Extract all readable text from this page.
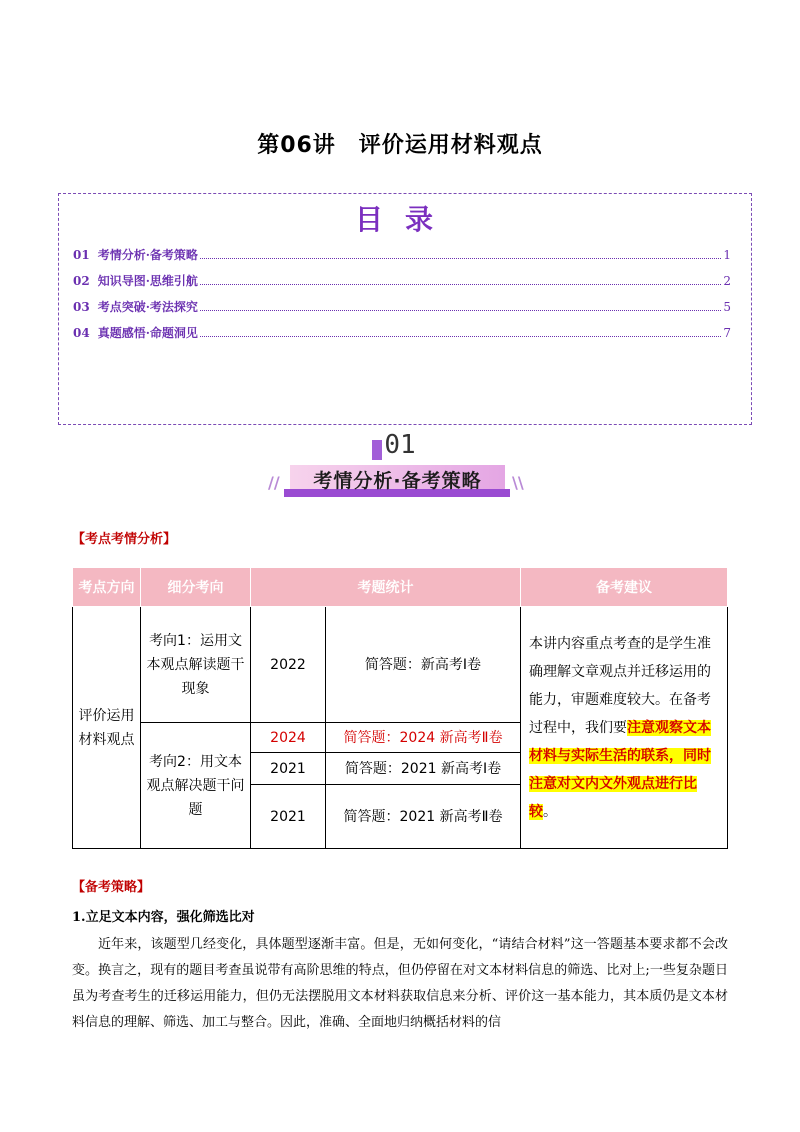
第06讲　评价运用材料观点
目录
01 考情分析·备考策略	1
02 知识导图·思维引航	2
03 考点突破·考法探究	5
04 真题感悟·命题洞见	7
01
//	考情分析·备考策略	\\
【考点考情分析】
考点方向	细分考向	考题统计		备考建议
评价运用材料观点	考向1：运用文本观点解读题干现象	2022	简答题：新高考Ⅰ卷	本讲内容重点考查的是学生准确理解文章观点并迁移运用的能力，审题难度较大。在备考过程中，我们要注意观察文本材料与实际生活的联系，同时注意对文内文外观点进行比较。
	考向2：用文本观点解决题干问题	2024	简答题：2024 新高考Ⅱ卷	
		2021	简答题：2021 新高考Ⅰ卷	
		2021	简答题：2021 新高考Ⅱ卷	
【备考策略】
1.立足文本内容，强化筛选比对
近年来，该题型几经变化，具体题型逐渐丰富。但是，无如何变化，“请结合材料”这一答题基本要求都不会改变。换言之，现有的题目考查虽说带有高阶思维的特点，但仍停留在对文本材料信息的筛选、比对上;一些复杂题日虽为考查考生的迁移运用能力，但仍无法摆脱用文本材料获取信息来分析、评价这一基本能力，其本质仍是文本材料信息的理解、筛选、加工与整合。因此，准确、全面地归纳概括材料的信
